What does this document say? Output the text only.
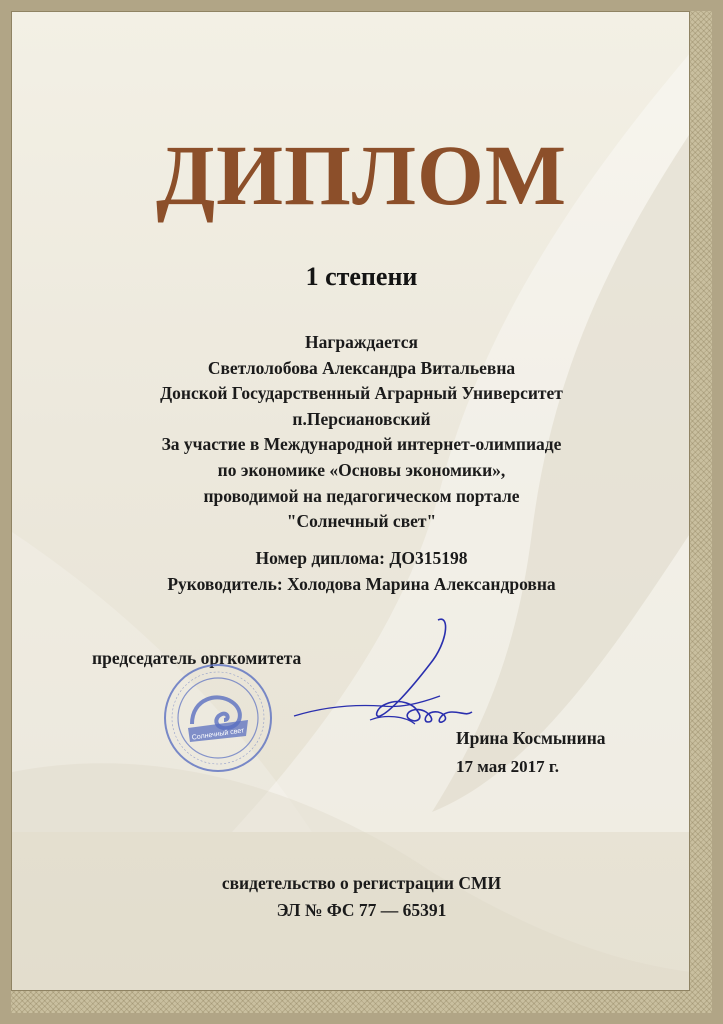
ДИПЛОМ
1 степени
Награждается
Светлолобова Александра Витальевна
Донской Государственный Аграрный Университет
п.Персиановский
За участие в Международной интернет-олимпиаде
по экономике «Основы экономики»,
проводимой на педагогическом портале
"Солнечный свет"
Номер диплома: ДО315198
Руководитель: Холодова Марина Александровна
председатель оргкомитета
Солнечный свет	Ирина Космынина
17 мая 2017 г.
свидетельство о регистрации СМИ
ЭЛ № ФС 77 — 65391
